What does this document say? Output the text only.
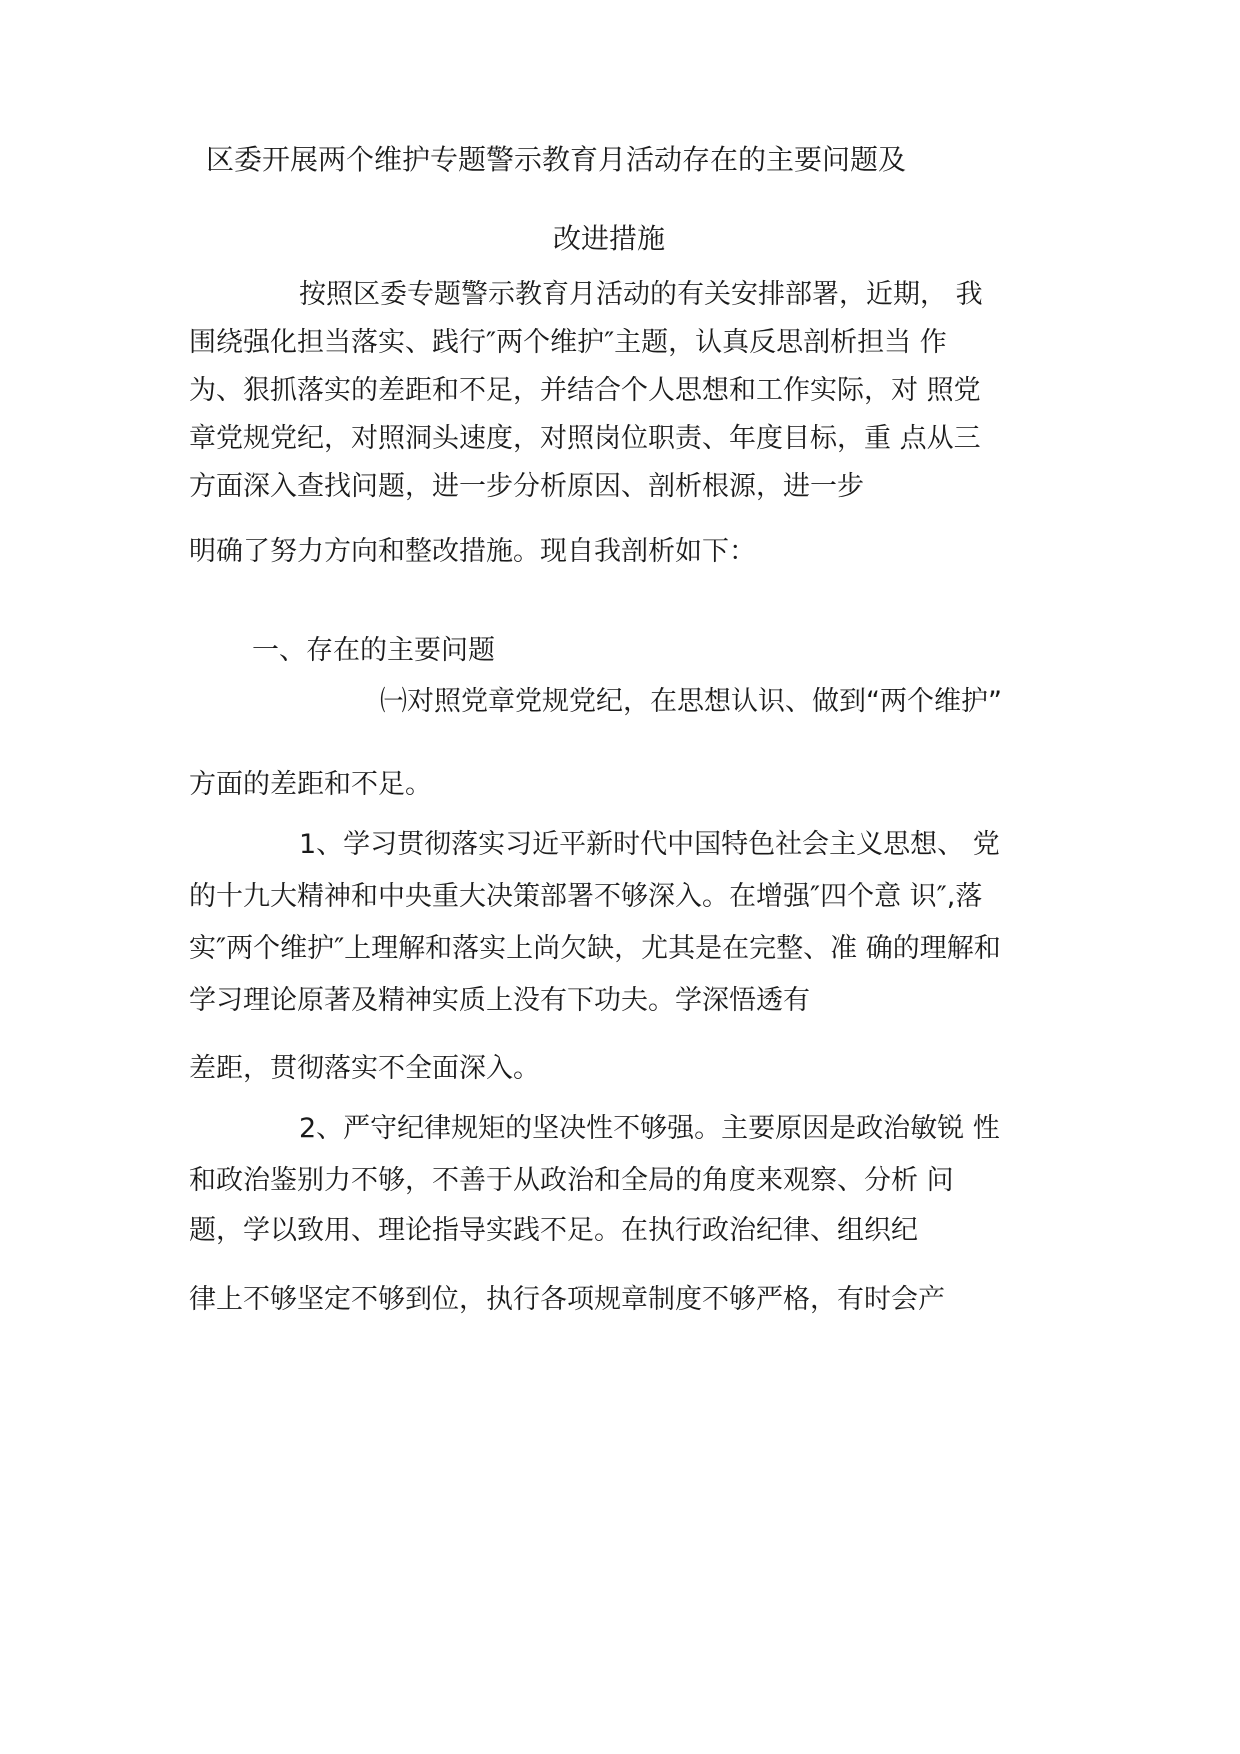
区委开展两个维护专题警示教育月活动存在的主要问题及
改进措施
按照区委专题警示教育月活动的有关安排部署，近期， 我
围绕强化担当落实、践行″两个维护″主题，认真反思剖析担当 作
为、狠抓落实的差距和不足，并结合个人思想和工作实际，对 照党
章党规党纪，对照洞头速度，对照岗位职责、年度目标，重 点从三
方面深入查找问题，进一步分析原因、剖析根源，进一步
明确了努力方向和整改措施。现自我剖析如下：
一、存在的主要问题
㈠对照党章党规党纪，在思想认识、做到“两个维护”
方面的差距和不足。
1、学习贯彻落实习近平新时代中国特色社会主义思想、 党
的十九大精神和中央重大决策部署不够深入。在增强″四个意 识″,落
实″两个维护″上理解和落实上尚欠缺，尤其是在完整、准 确的理解和
学习理论原著及精神实质上没有下功夫。学深悟透有
差距，贯彻落实不全面深入。
2、严守纪律规矩的坚决性不够强。主要原因是政治敏锐 性
和政治鉴别力不够，不善于从政治和全局的角度来观察、分析 问
题，学以致用、理论指导实践不足。在执行政治纪律、组织纪
律上不够坚定不够到位，执行各项规章制度不够严格，有时会产
